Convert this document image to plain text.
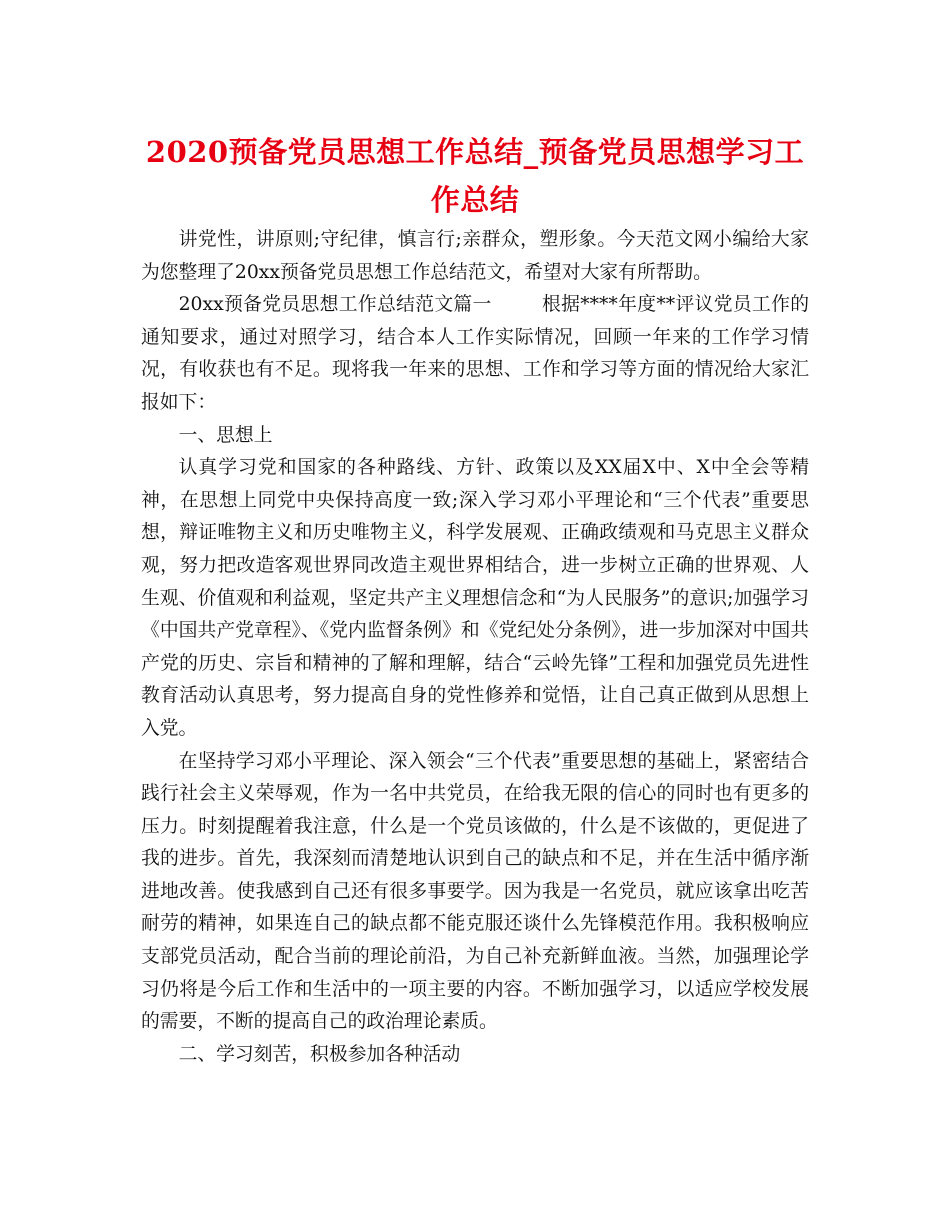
2020预备党员思想工作总结_预备党员思想学习工作总结

讲党性，讲原则;守纪律，慎言行;亲群众，塑形象。今天范文网小编给大家为您整理了20xx预备党员思想工作总结范文，希望对大家有所帮助。

20xx预备党员思想工作总结范文篇一	根据****年度**评议党员工作的通知要求，通过对照学习，结合本人工作实际情况，回顾一年来的工作学习情况，有收获也有不足。现将我一年来的思想、工作和学习等方面的情况给大家汇报如下：

一、思想上

认真学习党和国家的各种路线、方针、政策以及XX届X中、X中全会等精神，在思想上同党中央保持高度一致;深入学习邓小平理论和“三个代表”重要思想，辩证唯物主义和历史唯物主义，科学发展观、正确政绩观和马克思主义群众观，努力把改造客观世界同改造主观世界相结合，进一步树立正确的世界观、人生观、价值观和利益观，坚定共产主义理想信念和“为人民服务”的意识;加强学习《中国共产党章程》、《党内监督条例》和《党纪处分条例》，进一步加深对中国共产党的历史、宗旨和精神的了解和理解，结合“云岭先锋”工程和加强党员先进性教育活动认真思考，努力提高自身的党性修养和觉悟，让自己真正做到从思想上入党。

在坚持学习邓小平理论、深入领会“三个代表”重要思想的基础上，紧密结合践行社会主义荣辱观，作为一名中共党员，在给我无限的信心的同时也有更多的压力。时刻提醒着我注意，什么是一个党员该做的，什么是不该做的，更促进了我的进步。首先，我深刻而清楚地认识到自己的缺点和不足，并在生活中循序渐进地改善。使我感到自己还有很多事要学。因为我是一名党员，就应该拿出吃苦耐劳的精神，如果连自己的缺点都不能克服还谈什么先锋模范作用。我积极响应支部党员活动，配合当前的理论前沿，为自己补充新鲜血液。当然，加强理论学习仍将是今后工作和生活中的一项主要的内容。不断加强学习，以适应学校发展的需要，不断的提高自己的政治理论素质。

二、学习刻苦，积极参加各种活动
